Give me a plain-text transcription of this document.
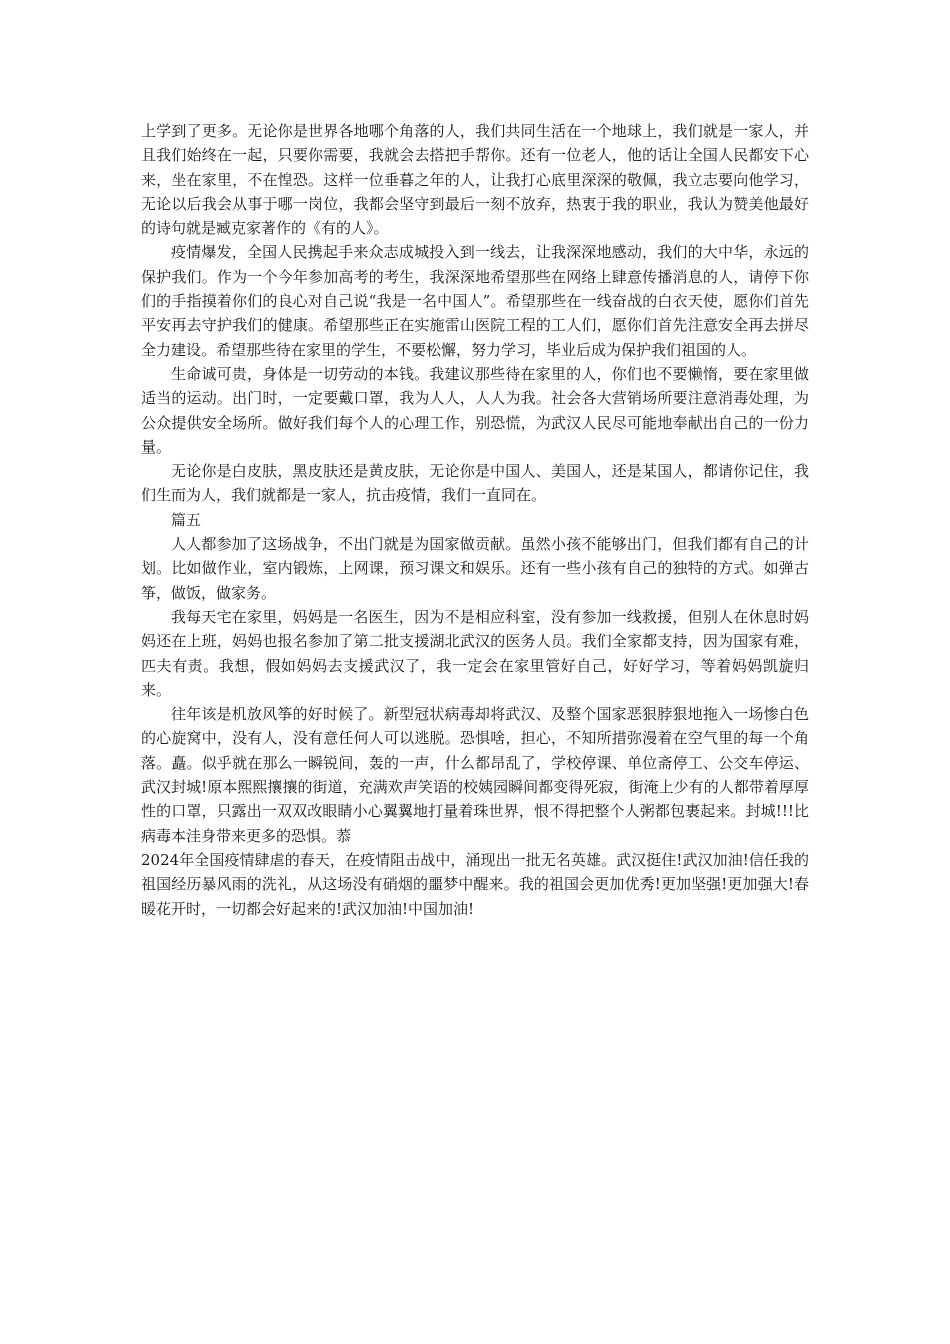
上学到了更多。无论你是世界各地哪个角落的人，我们共同生活在一个地球上，我们就是一家人，并且我们始终在一起，只要你需要，我就会去搭把手帮你。还有一位老人，他的话让全国人民都安下心来，坐在家里，不在惶恐。这样一位垂暮之年的人，让我打心底里深深的敬佩，我立志要向他学习，无论以后我会从事于哪一岗位，我都会坚守到最后一刻不放弃，热衷于我的职业，我认为赞美他最好的诗句就是臧克家著作的《有的人》。

疫情爆发，全国人民携起手来众志成城投入到一线去，让我深深地感动，我们的大中华，永远的保护我们。作为一个今年参加高考的考生，我深深地希望那些在网络上肆意传播消息的人，请停下你们的手指摸着你们的良心对自己说“我是一名中国人”。希望那些在一线奋战的白衣天使，愿你们首先平安再去守护我们的健康。希望那些正在实施雷山医院工程的工人们，愿你们首先注意安全再去拼尽全力建设。希望那些待在家里的学生，不要松懈，努力学习，毕业后成为保护我们祖国的人。

生命诚可贵，身体是一切劳动的本钱。我建议那些待在家里的人，你们也不要懒惰，要在家里做适当的运动。出门时，一定要戴口罩，我为人人，人人为我。社会各大营销场所要注意消毒处理，为公众提供安全场所。做好我们每个人的心理工作，别恐慌，为武汉人民尽可能地奉献出自己的一份力量。

无论你是白皮肤，黑皮肤还是黄皮肤，无论你是中国人、美国人，还是某国人，都请你记住，我们生而为人，我们就都是一家人，抗击疫情，我们一直同在。

篇五

人人都参加了这场战争，不出门就是为国家做贡献。虽然小孩不能够出门，但我们都有自己的计划。比如做作业，室内锻炼，上网课，预习课文和娱乐。还有一些小孩有自己的独特的方式。如弹古筝，做饭，做家务。

我每天宅在家里，妈妈是一名医生，因为不是相应科室，没有参加一线救援，但别人在休息时妈妈还在上班，妈妈也报名参加了第二批支援湖北武汉的医务人员。我们全家都支持，因为国家有难，匹夫有责。我想，假如妈妈去支援武汉了，我一定会在家里管好自己，好好学习，等着妈妈凯旋归来。

往年该是机放风筝的好时候了。新型冠状病毒却将武汉、及整个国家恶狠脖狠地拖入一场惨白色的心旋窝中，没有人，没有意任何人可以逃脱。恐惧啥，担心，不知所措弥漫着在空气里的每一个角落。矗。似乎就在那么一瞬锐间，轰的一声，什么都昂乱了，学校停课、单位斋停工、公交车停运、武汉封城!原本熙熙攘攘的街道，充满欢声笑语的校姨园瞬间都变得死寂，街淹上少有的人都带着厚厚性的口罩，只露出一双双改眼睛小心翼翼地打量着珠世界，恨不得把整个人粥都包裹起来。封城!!!比病毒本洼身带来更多的恐惧。菾

2024年全国疫情肆虐的春天，在疫情阻击战中，涌现出一批无名英雄。武汉挺住!武汉加油!信任我的祖国经历暴风雨的洗礼，从这场没有硝烟的噩梦中醒来。我的祖国会更加优秀!更加坚强!更加强大!春暖花开时，一切都会好起来的!武汉加油!中国加油!
